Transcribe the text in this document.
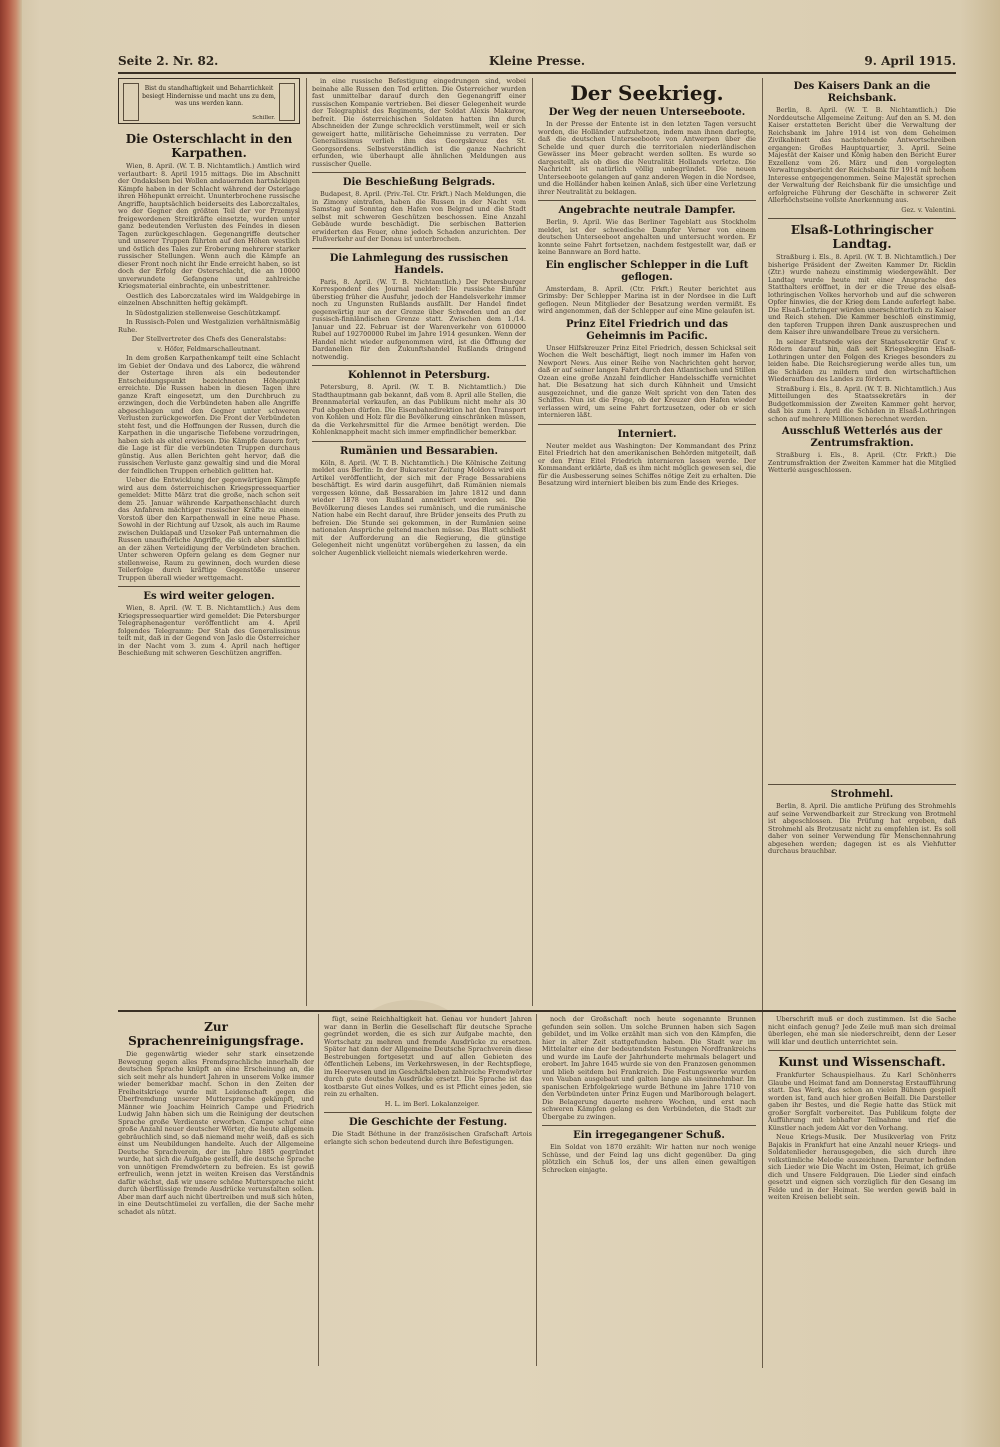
Seite 2. Nr. 82.	Kleine Presse.	9. April 1915.
Bist du standhaftigkeit und Beharrlichkeit besiegt Hindernisse und macht uns zu dem, was uns werden kann.
Schiller.
Die Osterschlacht in den Karpathen.

Wien, 8. April. (W. T. B. Nichtamtlich.) Amtlich wird verlautbart: 8. April 1915 mittags. Die im Abschnitt der Ondakslsen bei Wollen andauernden hartnäckigen Kämpfe haben in der Schlacht während der Osterlage ihren Höhepunkt erreicht. Ununterbrochene russische Angriffe, hauptsächlich beiderseits des Laborczaltales, wo der Gegner den größten Teil der vor Przemysl freigewordenen Streitkräfte einsetzte, wurden unter ganz bedeutenden Verlusten des Feindes in diesen Tagen zurückgeschlagen. Gegenangriffe deutscher und unserer Truppen führten auf den Höhen westlich und östlich des Tales zur Eroberung mehrerer starker russischer Stellungen. Wenn auch die Kämpfe an dieser Front noch nicht ihr Ende erreicht haben, so ist doch der Erfolg der Osterschlacht, die an 10000 unverwundete Gefangene und zahlreiche Kriegsmaterial einbrachte, ein unbestrittener.

Oestlich des Laborczatales wird im Waldgebirge in einzelnen Abschnitten heftig gekämpft.

In Südostgalizien stellenweise Geschützkampf.

In Russisch-Polen und Westgalizien verhältnismäßig Ruhe.

Der Stellvertreter des Chefs des Generalstabs:

v. Höfer, Feldmarschalleutnant.

In dem großen Karpathenkampf teilt eine Schlacht im Gebiet der Ondava und des Laborcz, die während der Ostertage ihren als ein bedeutender Entscheidungspunkt bezeichneten Höhepunkt erreichte. Die Russen haben in diesen Tagen ihre ganze Kraft eingesetzt, um den Durchbruch zu erzwingen, doch die Verbündeten haben alle Angriffe abgeschlagen und den Gegner unter schweren Verlusten zurückgeworfen. Die Front der Verbündeten steht fest, und die Hoffnungen der Russen, durch die Karpathen in die ungarische Tiefebene vorzudringen, haben sich als eitel erwiesen. Die Kämpfe dauern fort; die Lage ist für die verbündeten Truppen durchaus günstig. Aus allen Berichten geht hervor, daß die russischen Verluste ganz gewaltig sind und die Moral der feindlichen Truppen erheblich gelitten hat.

Ueber die Entwicklung der gegenwärtigen Kämpfe wird aus dem österreichischen Kriegspressequartier gemeldet: Mitte März trat die große, nach schon seit dem 25. Januar währende Karpathenschlacht durch das Anfahren mächtiger russischer Kräfte zu einem Vorstoß über den Karpathenwall in eine neue Phase. Sowohl in der Richtung auf Uzsok, als auch im Raume zwischen Duklapaß und Uzsoker Paß unternahmen die Russen unaufhörliche Angriffe, die sich aber sämtlich an der zähen Verteidigung der Verbündeten brachen. Unter schweren Opfern gelang es dem Gegner nur stellenweise, Raum zu gewinnen, doch wurden diese Teilerfolge durch kräftige Gegenstöße unserer Truppen überall wieder wettgemacht.

Es wird weiter gelogen.

Wien, 8. April. (W. T. B. Nichtamtlich.) Aus dem Kriegspressequartier wird gemeldet: Die Petersburger Telegraphenagentur veröffentlicht am 4. April folgendes Telegramm: Der Stab des Generalissimus teilt mit, daß in der Gegend von Jaslo die Österreicher in der Nacht vom 3. zum 4. April nach heftiger Beschießung mit schweren Geschützen angriffen.

in eine russische Befestigung eingedrungen sind, wobei beinahe alle Russen den Tod erlitten. Die Österreicher wurden fast unmittelbar darauf durch den Gegenangriff einer russischen Kompanie vertrieben. Bei dieser Gelegenheit wurde der Telegraphist des Regiments, der Soldat Alexis Makarow, befreit. Die österreichischen Soldaten hatten ihn durch Abschneiden der Zunge schrecklich verstümmelt, weil er sich geweigert hatte, militärische Geheimnisse zu verraten. Der Generalissimus verlieh ihm das Georgskreuz des St. Georgsordens. Selbstverständlich ist die ganze Nachricht erfunden, wie überhaupt alle ähnlichen Meldungen aus russischer Quelle.

Die Beschießung Belgrads.

Budapest, 8. April. (Priv.-Tel. Ctr. Frkft.) Nach Meldungen, die in Zimony eintrafen, haben die Russen in der Nacht vom Samstag auf Sonntag den Hafen von Belgrad und die Stadt selbst mit schweren Geschützen beschossen. Eine Anzahl Gebäude wurde beschädigt. Die serbischen Batterien erwiderten das Feuer, ohne jedoch Schaden anzurichten. Der Flußverkehr auf der Donau ist unterbrochen.

Die Lahmlegung des russischen Handels.

Paris, 8. April. (W. T. B. Nichtamtlich.) Der Petersburger Korrespondent des Journal meldet: Die russische Einfuhr überstieg früher die Ausfuhr, jedoch der Handelsverkehr immer noch zu Ungunsten Rußlands ausfällt. Der Handel findet gegenwärtig nur an der Grenze über Schweden und an der russisch-finnländischen Grenze statt. Zwischen dem 1./14. Januar und 22. Februar ist der Warenverkehr von 6100000 Rubel auf 192700000 Rubel im Jahre 1914 gesunken. Wenn der Handel nicht wieder aufgenommen wird, ist die Öffnung der Dardanellen für den Zukunftshandel Rußlands dringend notwendig.

Kohlennot in Petersburg.

Petersburg, 8. April. (W. T. B. Nichtamtlich.) Die Stadthauptmann gab bekannt, daß vom 8. April alle Stellen, die Brennmaterial verkaufen, an das Publikum nicht mehr als 30 Pud abgeben dürfen. Die Eisenbahndirektion hat den Transport von Kohlen und Holz für die Bevölkerung einschränken müssen, da die Verkehrsmittel für die Armee benötigt werden. Die Kohlenknappheit macht sich immer empfindlicher bemerkbar.

Rumänien und Bessarabien.

Köln, 8. April. (W. T. B. Nichtamtlich.) Die Kölnische Zeitung meldet aus Berlin: In der Bukarester Zeitung Moldova wird ein Artikel veröffentlicht, der sich mit der Frage Bessarabiens beschäftigt. Es wird darin ausgeführt, daß Rumänien niemals vergessen könne, daß Bessarabien im Jahre 1812 und dann wieder 1878 von Rußland annektiert worden sei. Die Bevölkerung dieses Landes sei rumänisch, und die rumänische Nation habe ein Recht darauf, ihre Brüder jenseits des Pruth zu befreien. Die Stunde sei gekommen, in der Rumänien seine nationalen Ansprüche geltend machen müsse. Das Blatt schließt mit der Aufforderung an die Regierung, die günstige Gelegenheit nicht ungenützt vorübergehen zu lassen, da ein solcher Augenblick vielleicht niemals wiederkehren werde.

Der Seekrieg.
Der Weg der neuen Unterseeboote.

In der Presse der Entente ist in den letzten Tagen versucht worden, die Holländer aufzuhetzen, indem man ihnen darlegte, daß die deutschen Unterseeboote von Antwerpen über die Schelde und quer durch die territorialen niederländischen Gewässer ins Meer gebracht werden sollten. Es wurde so dargestellt, als ob dies die Neutralität Hollands verletze. Die Nachricht ist natürlich völlig unbegründet. Die neuen Unterseeboote gelangen auf ganz anderen Wegen in die Nordsee, und die Holländer haben keinen Anlaß, sich über eine Verletzung ihrer Neutralität zu beklagen.

Angebrachte neutrale Dampfer.

Berlin, 9. April. Wie das Berliner Tageblatt aus Stockholm meldet, ist der schwedische Dampfer Verner von einem deutschen Unterseeboot angehalten und untersucht worden. Er konnte seine Fahrt fortsetzen, nachdem festgestellt war, daß er keine Bannware an Bord hatte.

Ein englischer Schlepper in die Luft geflogen.

Amsterdam, 8. April. (Ctr. Frkft.) Reuter berichtet aus Grimsby: Der Schlepper Marina ist in der Nordsee in die Luft geflogen. Neun Mitglieder der Besatzung werden vermißt. Es wird angenommen, daß der Schlepper auf eine Mine gelaufen ist.

Prinz Eitel Friedrich und das Geheimnis im Pacific.

Unser Hilfskreuzer Prinz Eitel Friedrich, dessen Schicksal seit Wochen die Welt beschäftigt, liegt noch immer im Hafen von Newport News. Aus einer Reihe von Nachrichten geht hervor, daß er auf seiner langen Fahrt durch den Atlantischen und Stillen Ozean eine große Anzahl feindlicher Handelsschiffe vernichtet hat. Die Besatzung hat sich durch Kühnheit und Umsicht ausgezeichnet, und die ganze Welt spricht von den Taten des Schiffes. Nun ist die Frage, ob der Kreuzer den Hafen wieder verlassen wird, um seine Fahrt fortzusetzen, oder ob er sich internieren läßt.

Interniert.

Neuter meldet aus Washington: Der Kommandant des Prinz Eitel Friedrich hat den amerikanischen Behörden mitgeteilt, daß er den Prinz Eitel Friedrich internieren lassen werde. Der Kommandant erklärte, daß es ihm nicht möglich gewesen sei, die für die Ausbesserung seines Schiffes nötige Zeit zu erhalten. Die Besatzung wird interniert bleiben bis zum Ende des Krieges.

Des Kaisers Dank an die Reichsbank.

Berlin, 8. April. (W. T. B. Nichtamtlich.) Die Norddeutsche Allgemeine Zeitung: Auf den an S. M. den Kaiser erstatteten Bericht über die Verwaltung der Reichsbank im Jahre 1914 ist von dem Geheimen Zivilkabinett das nachstehende Antwortschreiben ergangen: Großes Hauptquartier, 3. April. Seine Majestät der Kaiser und König haben den Bericht Eurer Exzellenz vom 26. März und den vorgelegten Verwaltungsbericht der Reichsbank für 1914 mit hohem Interesse entgegengenommen. Seine Majestät sprechen der Verwaltung der Reichsbank für die umsichtige und erfolgreiche Führung der Geschäfte in schwerer Zeit Allerhöchstseine vollste Anerkennung aus.

Gez. v. Valentini.

Elsaß-Lothringischer Landtag.

Straßburg i. Els., 8. April. (W. T. B. Nichtamtlich.) Der bisherige Präsident der Zweiten Kammer Dr. Ricklin (Ztr.) wurde nahezu einstimmig wiedergewählt. Der Landtag wurde heute mit einer Ansprache des Statthalters eröffnet, in der er die Treue des elsaß-lothringischen Volkes hervorhob und auf die schweren Opfer hinwies, die der Krieg dem Lande auferlegt habe. Die Elsaß-Lothringer würden unerschütterlich zu Kaiser und Reich stehen. Die Kammer beschloß einstimmig, den tapferen Truppen ihren Dank auszusprechen und dem Kaiser ihre unwandelbare Treue zu versichern.

In seiner Etatsrede wies der Staatssekretär Graf v. Rödern darauf hin, daß seit Kriegsbeginn Elsaß-Lothringen unter den Folgen des Krieges besonders zu leiden habe. Die Reichsregierung werde alles tun, um die Schäden zu mildern und den wirtschaftlichen Wiederaufbau des Landes zu fördern.

Straßburg i. Els., 8. April. (W. T. B. Nichtamtlich.) Aus Mitteilungen des Staatssekretärs in der Budgetkommission der Zweiten Kammer geht hervor, daß bis zum 1. April die Schäden in Elsaß-Lothringen schon auf mehrere Millionen berechnet werden.

Ausschluß Wetterlés aus der Zentrumsfraktion.

Straßburg i. Els., 8. April. (Ctr. Frkft.) Die Zentrumsfraktion der Zweiten Kammer hat die Mitglied Wetterlé ausgeschlossen.

Strohmehl.

Berlin, 8. April. Die amtliche Prüfung des Strohmehls auf seine Verwendbarkeit zur Streckung von Brotmehl ist abgeschlossen. Die Prüfung hat ergeben, daß Strohmehl als Brotzusatz nicht zu empfehlen ist. Es soll daher von seiner Verwendung für Menschennahrung abgesehen werden; dagegen ist es als Viehfutter durchaus brauchbar.

Zur Sprachenreinigungsfrage.

Die gegenwärtig wieder sehr stark einsetzende Bewegung gegen alles Fremdsprachliche innerhalb der deutschen Sprache knüpft an eine Erscheinung an, die sich seit mehr als hundert Jahren in unserem Volke immer wieder bemerkbar macht. Schon in den Zeiten der Freiheitskriege wurde mit Leidenschaft gegen die Überfremdung unserer Muttersprache gekämpft, und Männer wie Joachim Heinrich Campe und Friedrich Ludwig Jahn haben sich um die Reinigung der deutschen Sprache große Verdienste erworben. Campe schuf eine große Anzahl neuer deutscher Wörter, die heute allgemein gebräuchlich sind, so daß niemand mehr weiß, daß es sich einst um Neubildungen handelte. Auch der Allgemeine Deutsche Sprachverein, der im Jahre 1885 gegründet wurde, hat sich die Aufgabe gestellt, die deutsche Sprache von unnötigen Fremdwörtern zu befreien. Es ist gewiß erfreulich, wenn jetzt in weiten Kreisen das Verständnis dafür wächst, daß wir unsere schöne Muttersprache nicht durch überflüssige fremde Ausdrücke verunstalten sollen. Aber man darf auch nicht übertreiben und muß sich hüten, in eine Deutschtümelei zu verfallen, die der Sache mehr schadet als nützt.

fügt, seine Reichhaltigkeit hat. Genau vor hundert Jahren war dann in Berlin die Gesellschaft für deutsche Sprache gegründet worden, die es sich zur Aufgabe machte, den Wortschatz zu mehren und fremde Ausdrücke zu ersetzen. Später hat dann der Allgemeine Deutsche Sprachverein diese Bestrebungen fortgesetzt und auf allen Gebieten des öffentlichen Lebens, im Verkehrswesen, in der Rechtspflege, im Heerwesen und im Geschäftsleben zahlreiche Fremdwörter durch gute deutsche Ausdrücke ersetzt. Die Sprache ist das kostbarste Gut eines Volkes, und es ist Pflicht eines jeden, sie rein zu erhalten.

H. L. im Berl. Lokalanzeiger.

Die Geschichte der Festung.

Die Stadt Béthune in der französischen Grafschaft Artois erlangte sich schon bedeutend durch ihre Befestigungen.

noch der Großschaft noch heute sogenannte Brunnen gefunden sein sollen. Um solche Brunnen haben sich Sagen gebildet, und im Volke erzählt man sich von den Kämpfen, die hier in alter Zeit stattgefunden haben. Die Stadt war im Mittelalter eine der bedeutendsten Festungen Nordfrankreichs und wurde im Laufe der Jahrhunderte mehrmals belagert und erobert. Im Jahre 1645 wurde sie von den Franzosen genommen und blieb seitdem bei Frankreich. Die Festungswerke wurden von Vauban ausgebaut und galten lange als uneinnehmbar. Im spanischen Erbfolgekriege wurde Béthune im Jahre 1710 von den Verbündeten unter Prinz Eugen und Marlborough belagert. Die Belagerung dauerte mehrere Wochen, und erst nach schweren Kämpfen gelang es den Verbündeten, die Stadt zur Übergabe zu zwingen.

Ein irregegangener Schuß.

Ein Soldat von 1870 erzählt: Wir hatten nur noch wenige Schüsse, und der Feind lag uns dicht gegenüber. Da ging plötzlich ein Schuß los, der uns allen einen gewaltigen Schrecken einjagte.

Überschrift muß er doch zustimmen. Ist die Sache nicht einfach genug? Jede Zeile muß man sich dreimal überlegen, ehe man sie niederschreibt, denn der Leser will klar und deutlich unterrichtet sein.

Kunst und Wissenschaft.

Frankfurter Schauspielhaus. Zu Karl Schönherrs Glaube und Heimat fand am Donnerstag Erstaufführung statt. Das Werk, das schon an vielen Bühnen gespielt worden ist, fand auch hier großen Beifall. Die Darsteller gaben ihr Bestes, und die Regie hatte das Stück mit großer Sorgfalt vorbereitet. Das Publikum folgte der Aufführung mit lebhafter Teilnahme und rief die Künstler nach jedem Akt vor den Vorhang.

Neue Kriegs-Musik. Der Musikverlag von Fritz Bajakis in Frankfurt hat eine Anzahl neuer Kriegs- und Soldatenlieder herausgegeben, die sich durch ihre volkstümliche Melodie auszeichnen. Darunter befinden sich Lieder wie Die Wacht im Osten, Heimat, ich grüße dich und Unsere Feldgrauen. Die Lieder sind einfach gesetzt und eignen sich vorzüglich für den Gesang im Felde und in der Heimat. Sie werden gewiß bald in weiten Kreisen beliebt sein.
